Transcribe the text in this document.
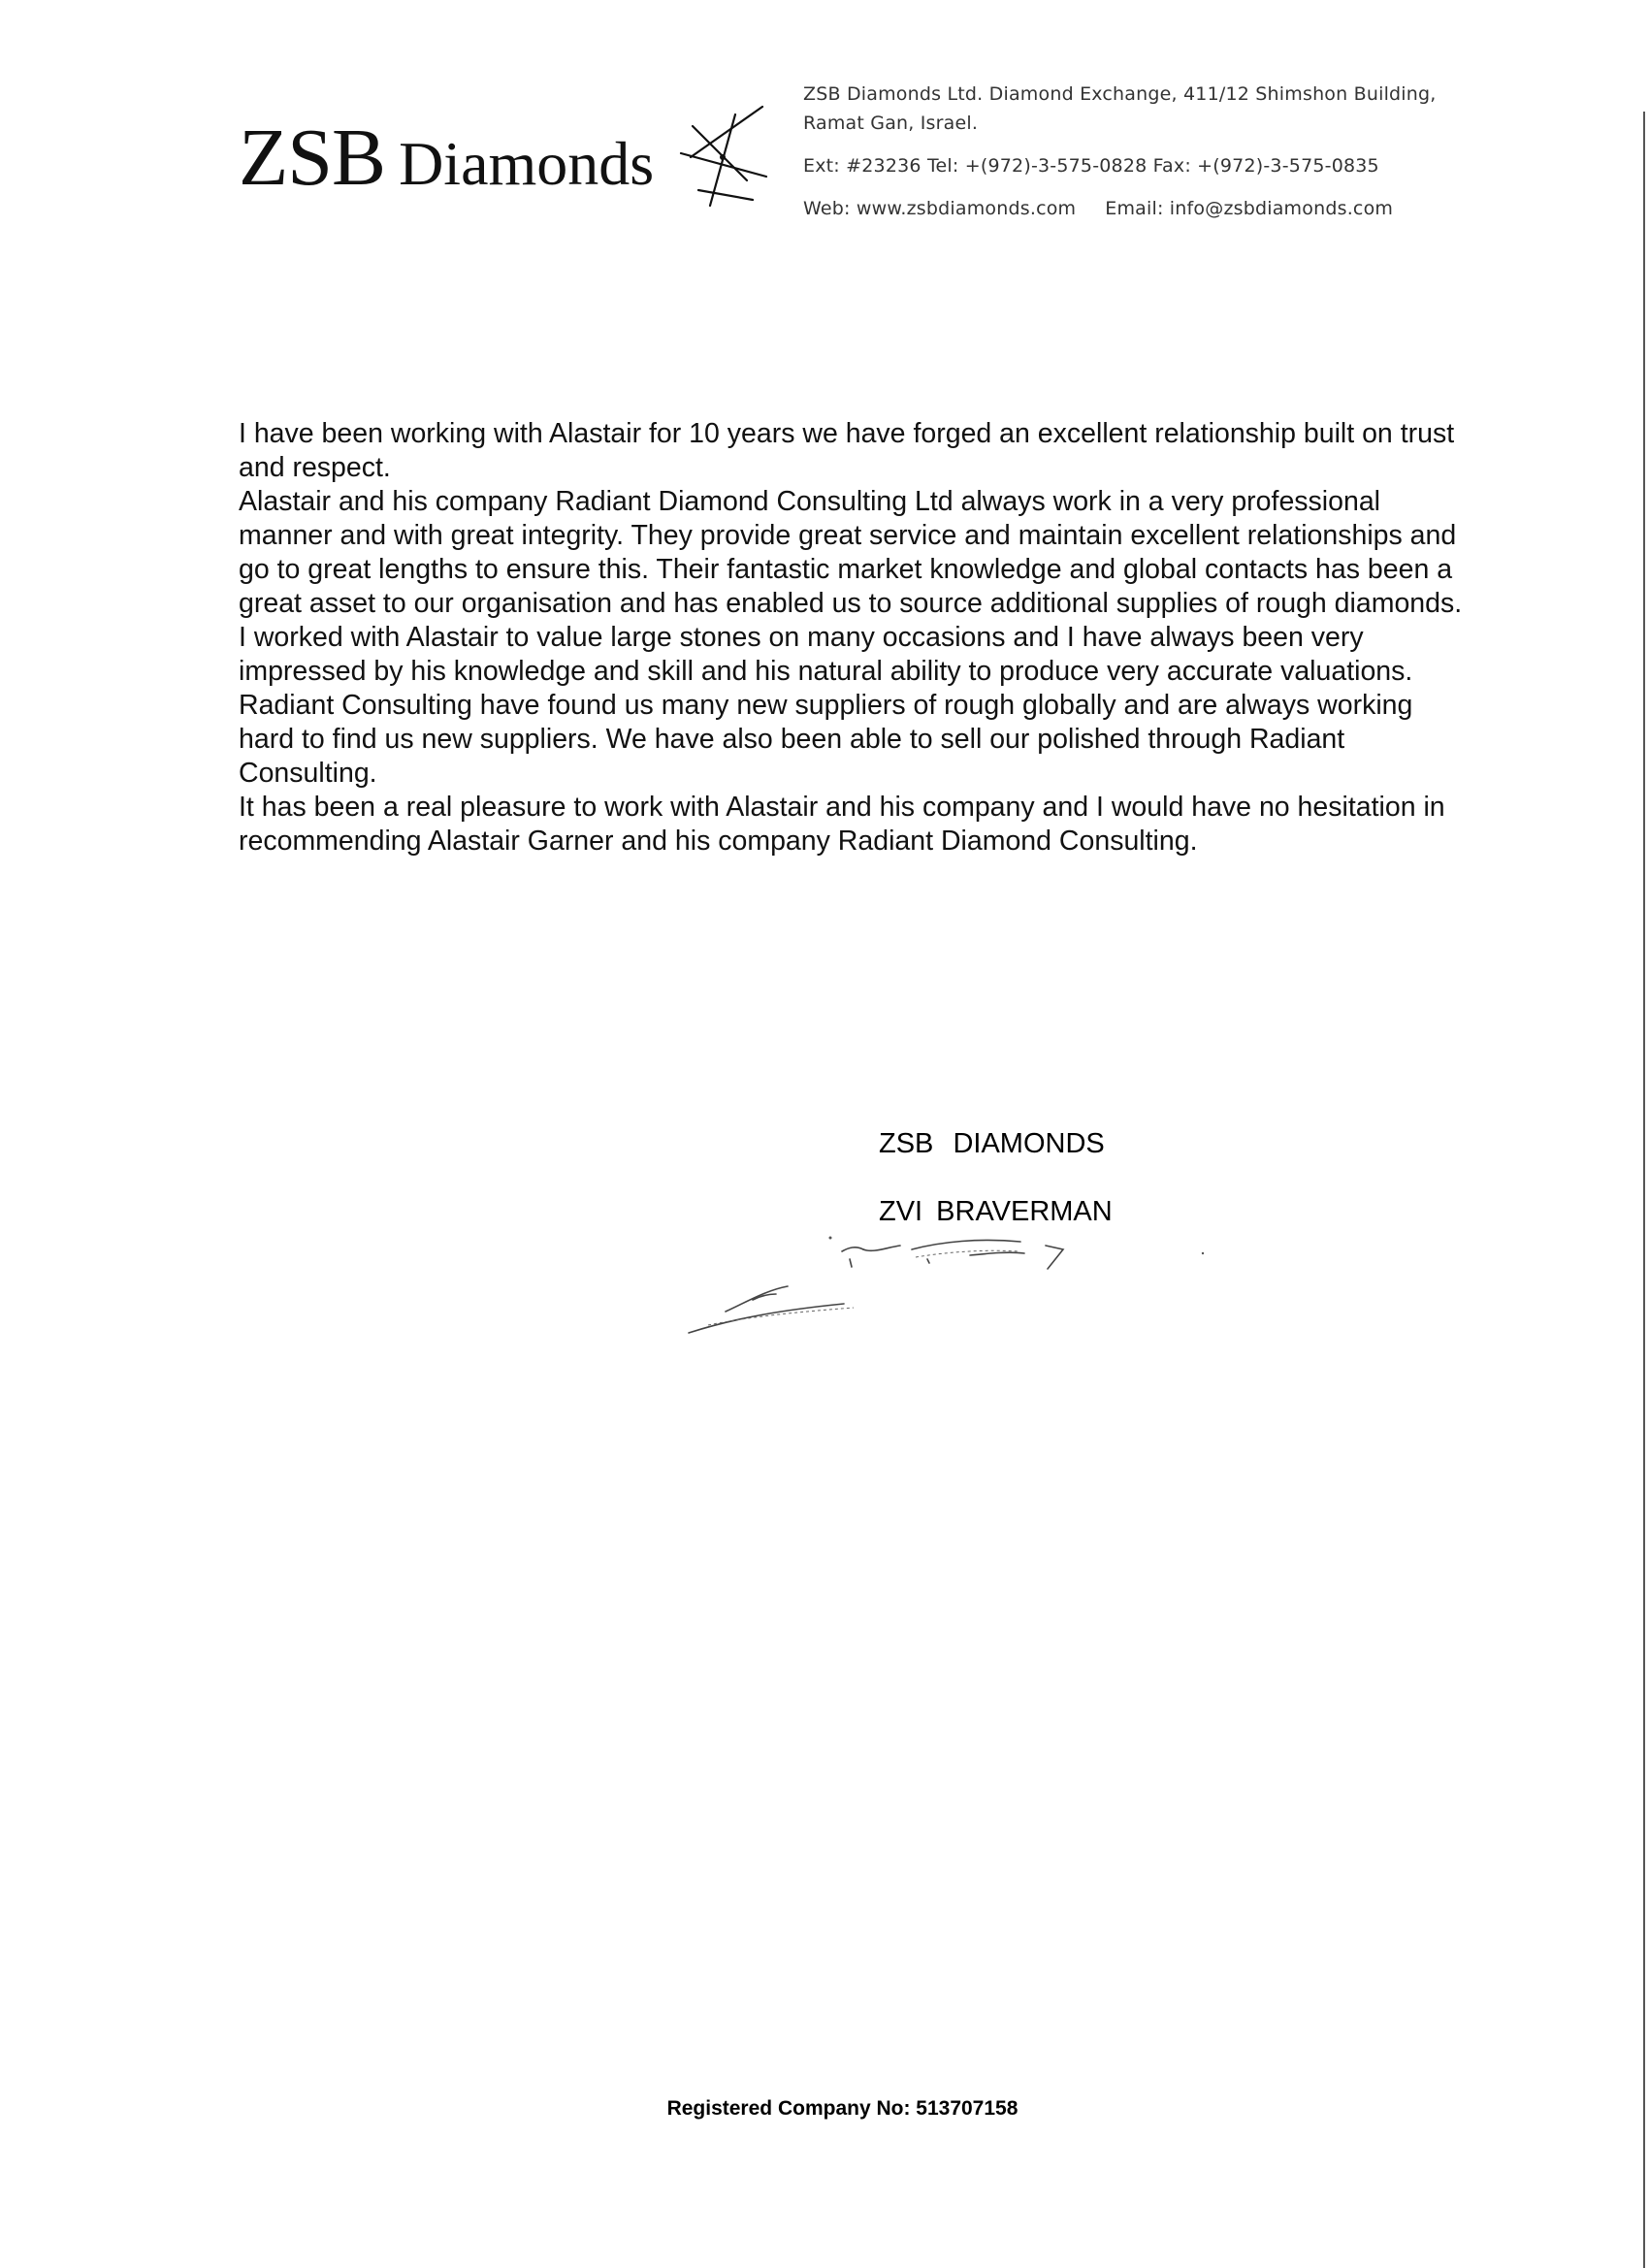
ZSB Diamonds
ZSB Diamonds Ltd. Diamond Exchange, 411/12 Shimshon Building,
Ramat Gan, Israel.
Ext: #23236 Tel: +(972)-3-575-0828 Fax: +(972)-3-575-0835
Web: www.zsbdiamonds.com Email: info@zsbdiamonds.com

I have been working with Alastair for 10 years we have forged an excellent relationship built on trust and respect.

Alastair and his company Radiant Diamond Consulting Ltd always work in a very professional manner and with great integrity. They provide great service and maintain excellent relationships and go to great lengths to ensure this. Their fantastic market knowledge and global contacts has been a great asset to our organisation and has enabled us to source additional supplies of rough diamonds.

I worked with Alastair to value large stones on many occasions and I have always been very impressed by his knowledge and skill and his natural ability to produce very accurate valuations.

Radiant Consulting have found us many new suppliers of rough globally and are always working hard to find us new suppliers. We have also been able to sell our polished through Radiant Consulting.

It has been a real pleasure to work with Alastair and his company and I would have no hesitation in recommending Alastair Garner and his company Radiant Diamond Consulting.

ZSB DIAMONDS
ZVI BRAVERMAN
Registered Company No: 513707158
